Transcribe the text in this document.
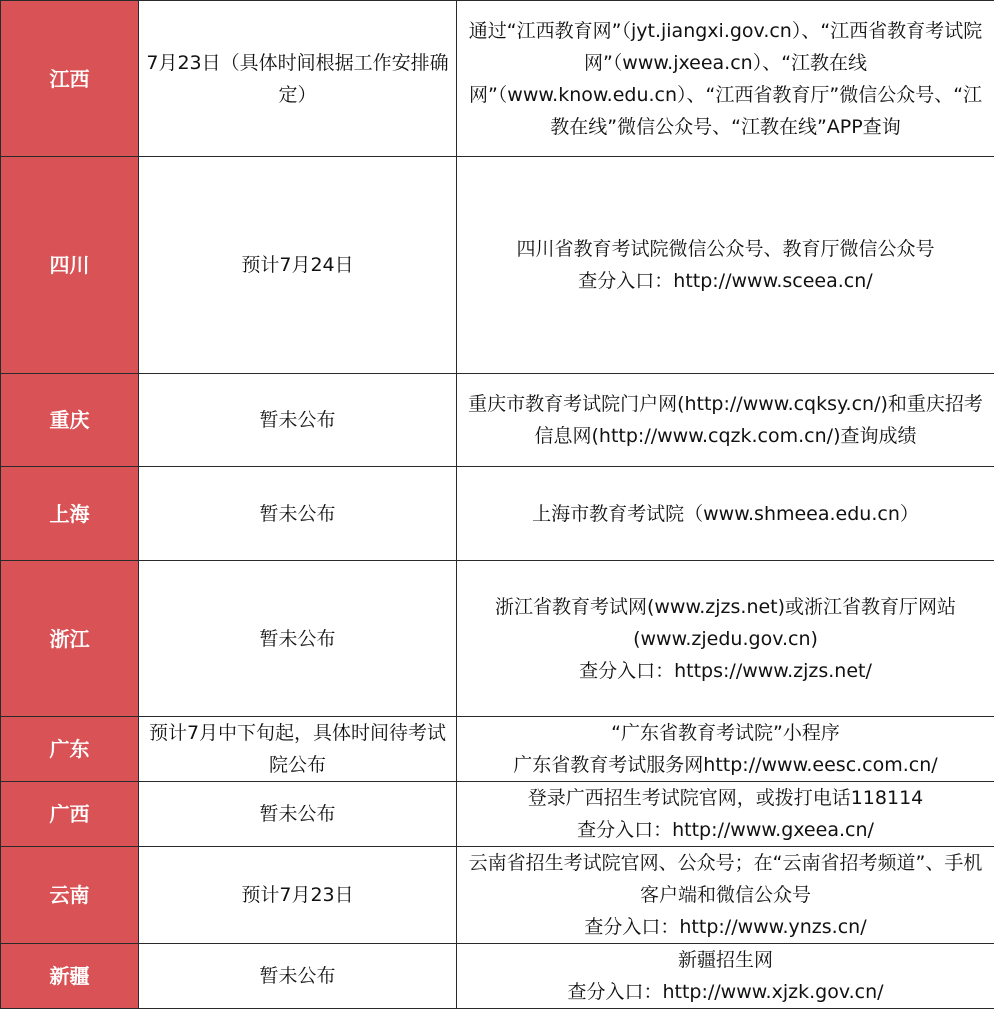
江西	7月23日（具体时间根据工作安排确定）	通过“江西教育网”（jyt.jiangxi.gov.cn）、“江西省教育考试院网”（www.jxeea.cn）、“江教在线网”（www.know.edu.cn）、“江西省教育厅”微信公众号、“江教在线”微信公众号、“江教在线”APP查询

四川	预计7月24日	四川省教育考试院微信公众号、教育厅微信公众号
查分入口：http://www.sceea.cn/

重庆	暂未公布	重庆市教育考试院门户网(http://www.cqksy.cn/)和重庆招考信息网(http://www.cqzk.com.cn/)查询成绩

上海	暂未公布	上海市教育考试院（www.shmeea.edu.cn）

浙江	暂未公布	浙江省教育考试网(www.zjzs.net)或浙江省教育厅网站(www.zjedu.gov.cn)
查分入口：https://www.zjzs.net/

广东	预计7月中下旬起，具体时间待考试院公布	“广东省教育考试院”小程序
广东省教育考试服务网http://www.eesc.com.cn/

广西	暂未公布	登录广西招生考试院官网，或拨打电话118114
查分入口：http://www.gxeea.cn/

云南	预计7月23日	云南省招生考试院官网、公众号；在“云南省招考频道”、手机客户端和微信公众号
查分入口：http://www.ynzs.cn/

新疆	暂未公布	新疆招生网
查分入口：http://www.xjzk.gov.cn/
